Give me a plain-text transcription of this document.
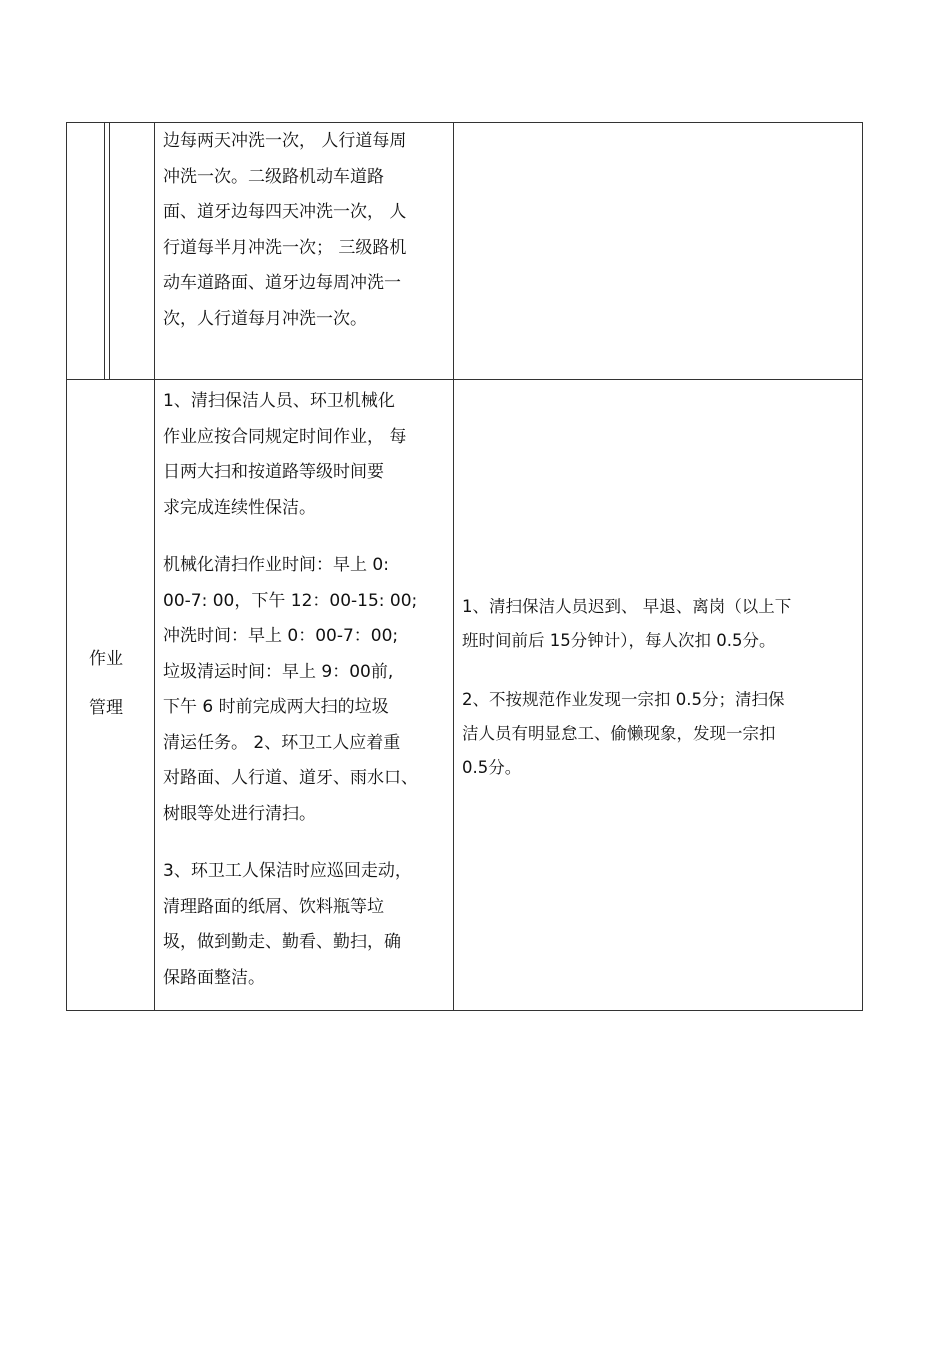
边每两天冲洗一次， 人行道每周
冲洗一次。二级路机动车道路
面、道牙边每四天冲洗一次， 人
行道每半月冲洗一次； 三级路机
动车道路面、道牙边每周冲洗一
次，人行道每月冲洗一次。
作业
管理
1、清扫保洁人员、环卫机械化
作业应按合同规定时间作业， 每
日两大扫和按道路等级时间要
求完成连续性保洁。
机械化清扫作业时间：早上 0:
00-7: 00，下午 12：00-15: 00;
冲洗时间：早上 0：00-7：00;
垃圾清运时间：早上 9：00前,
下午 6 时前完成两大扫的垃圾
清运任务。 2、环卫工人应着重
对路面、人行道、道牙、雨水口、
树眼等处进行清扫。
3、环卫工人保洁时应巡回走动，
清理路面的纸屑、饮料瓶等垃
圾，做到勤走、勤看、勤扫，确
保路面整洁。
1、清扫保洁人员迟到、 早退、离岗（以上下
班时间前后 15分钟计），每人次扣 0.5分。
2、不按规范作业发现一宗扣 0.5分；清扫保
洁人员有明显怠工、偷懒现象，发现一宗扣
0.5分。
